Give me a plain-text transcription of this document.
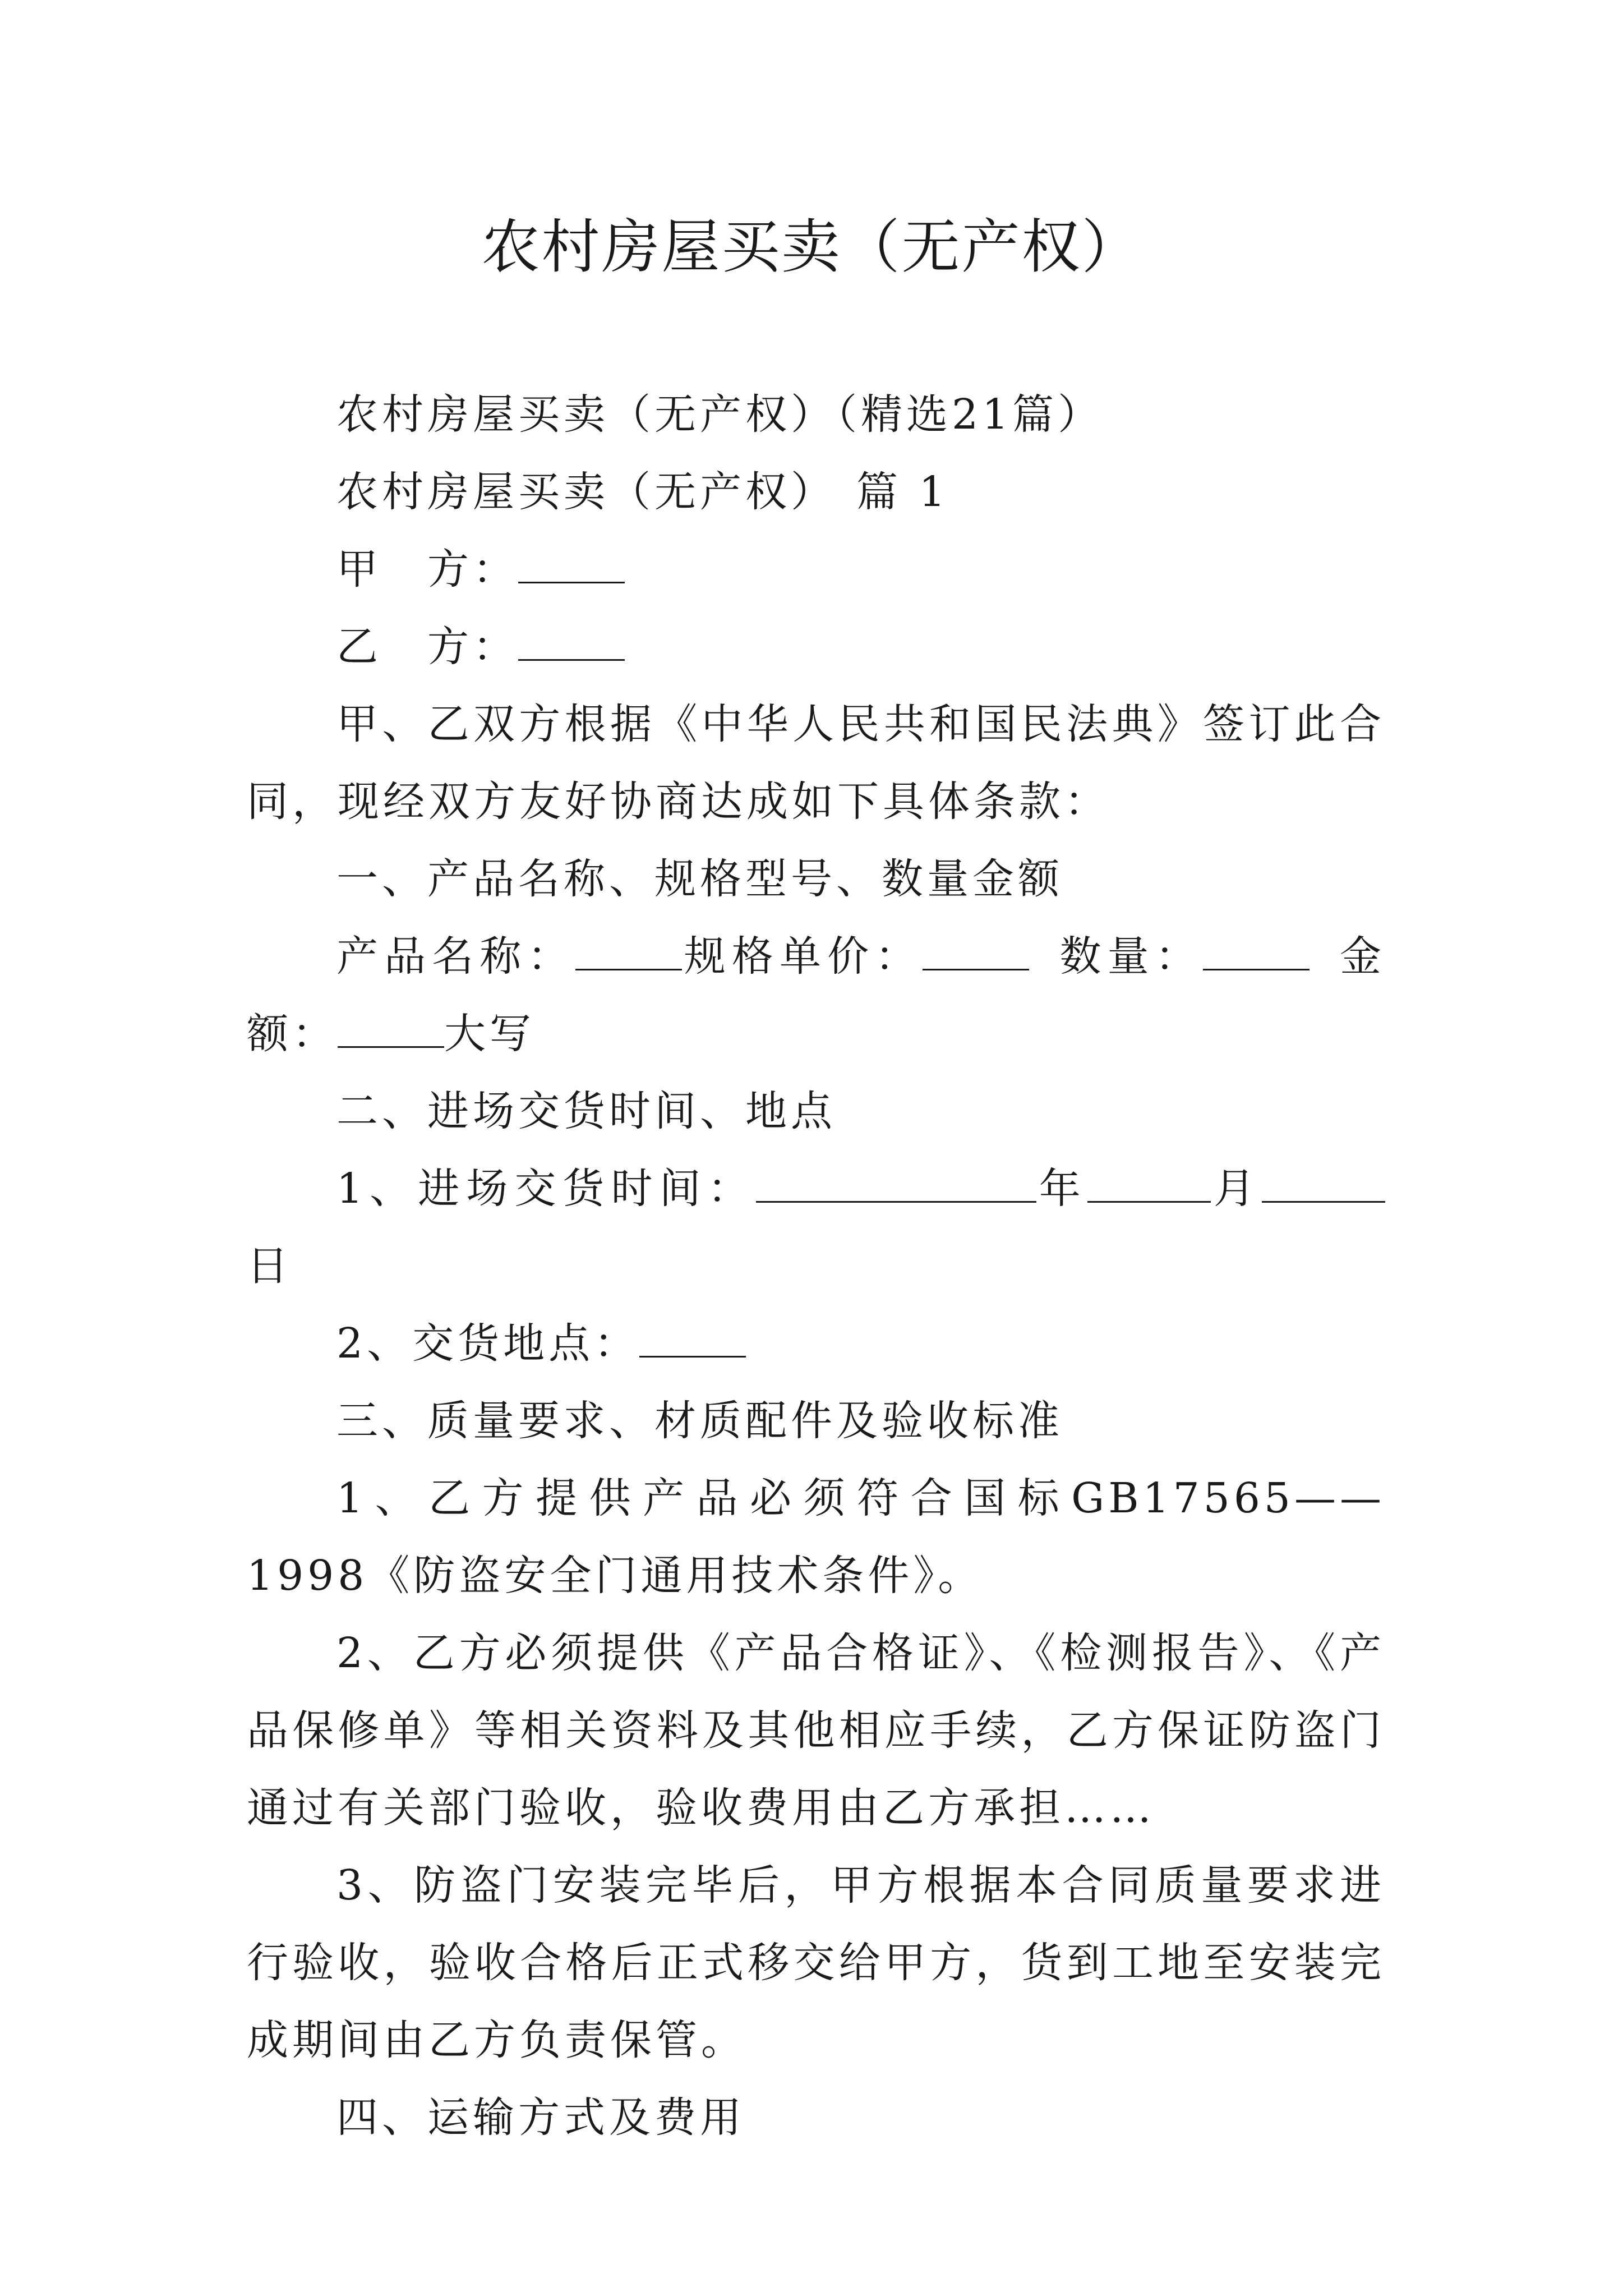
农村房屋买卖（无产权）

农村房屋买卖（无产权）（精选21篇）

农村房屋买卖（无产权） 篇 1

甲　方：

乙　方：

甲、乙双方根据《中华人民共和国民法典》签订此合同，现经双方友好协商达成如下具体条款：

一、产品名称、规格型号、数量金额

产品名称：	规格单价：	数量：	金额：	大写

二、进场交货时间、地点

1、进场交货时间：	年	月日

2、交货地点：

三、质量要求、材质配件及验收标准

1、乙方提供产品必须符合国标GB17565——1998《防盗安全门通用技术条件》。

2、乙方必须提供《产品合格证》、《检测报告》、《产品保修单》等相关资料及其他相应手续，乙方保证防盗门通过有关部门验收，验收费用由乙方承担……

3、防盗门安装完毕后，甲方根据本合同质量要求进行验收，验收合格后正式移交给甲方，货到工地至安装完成期间由乙方负责保管。

四、运输方式及费用
